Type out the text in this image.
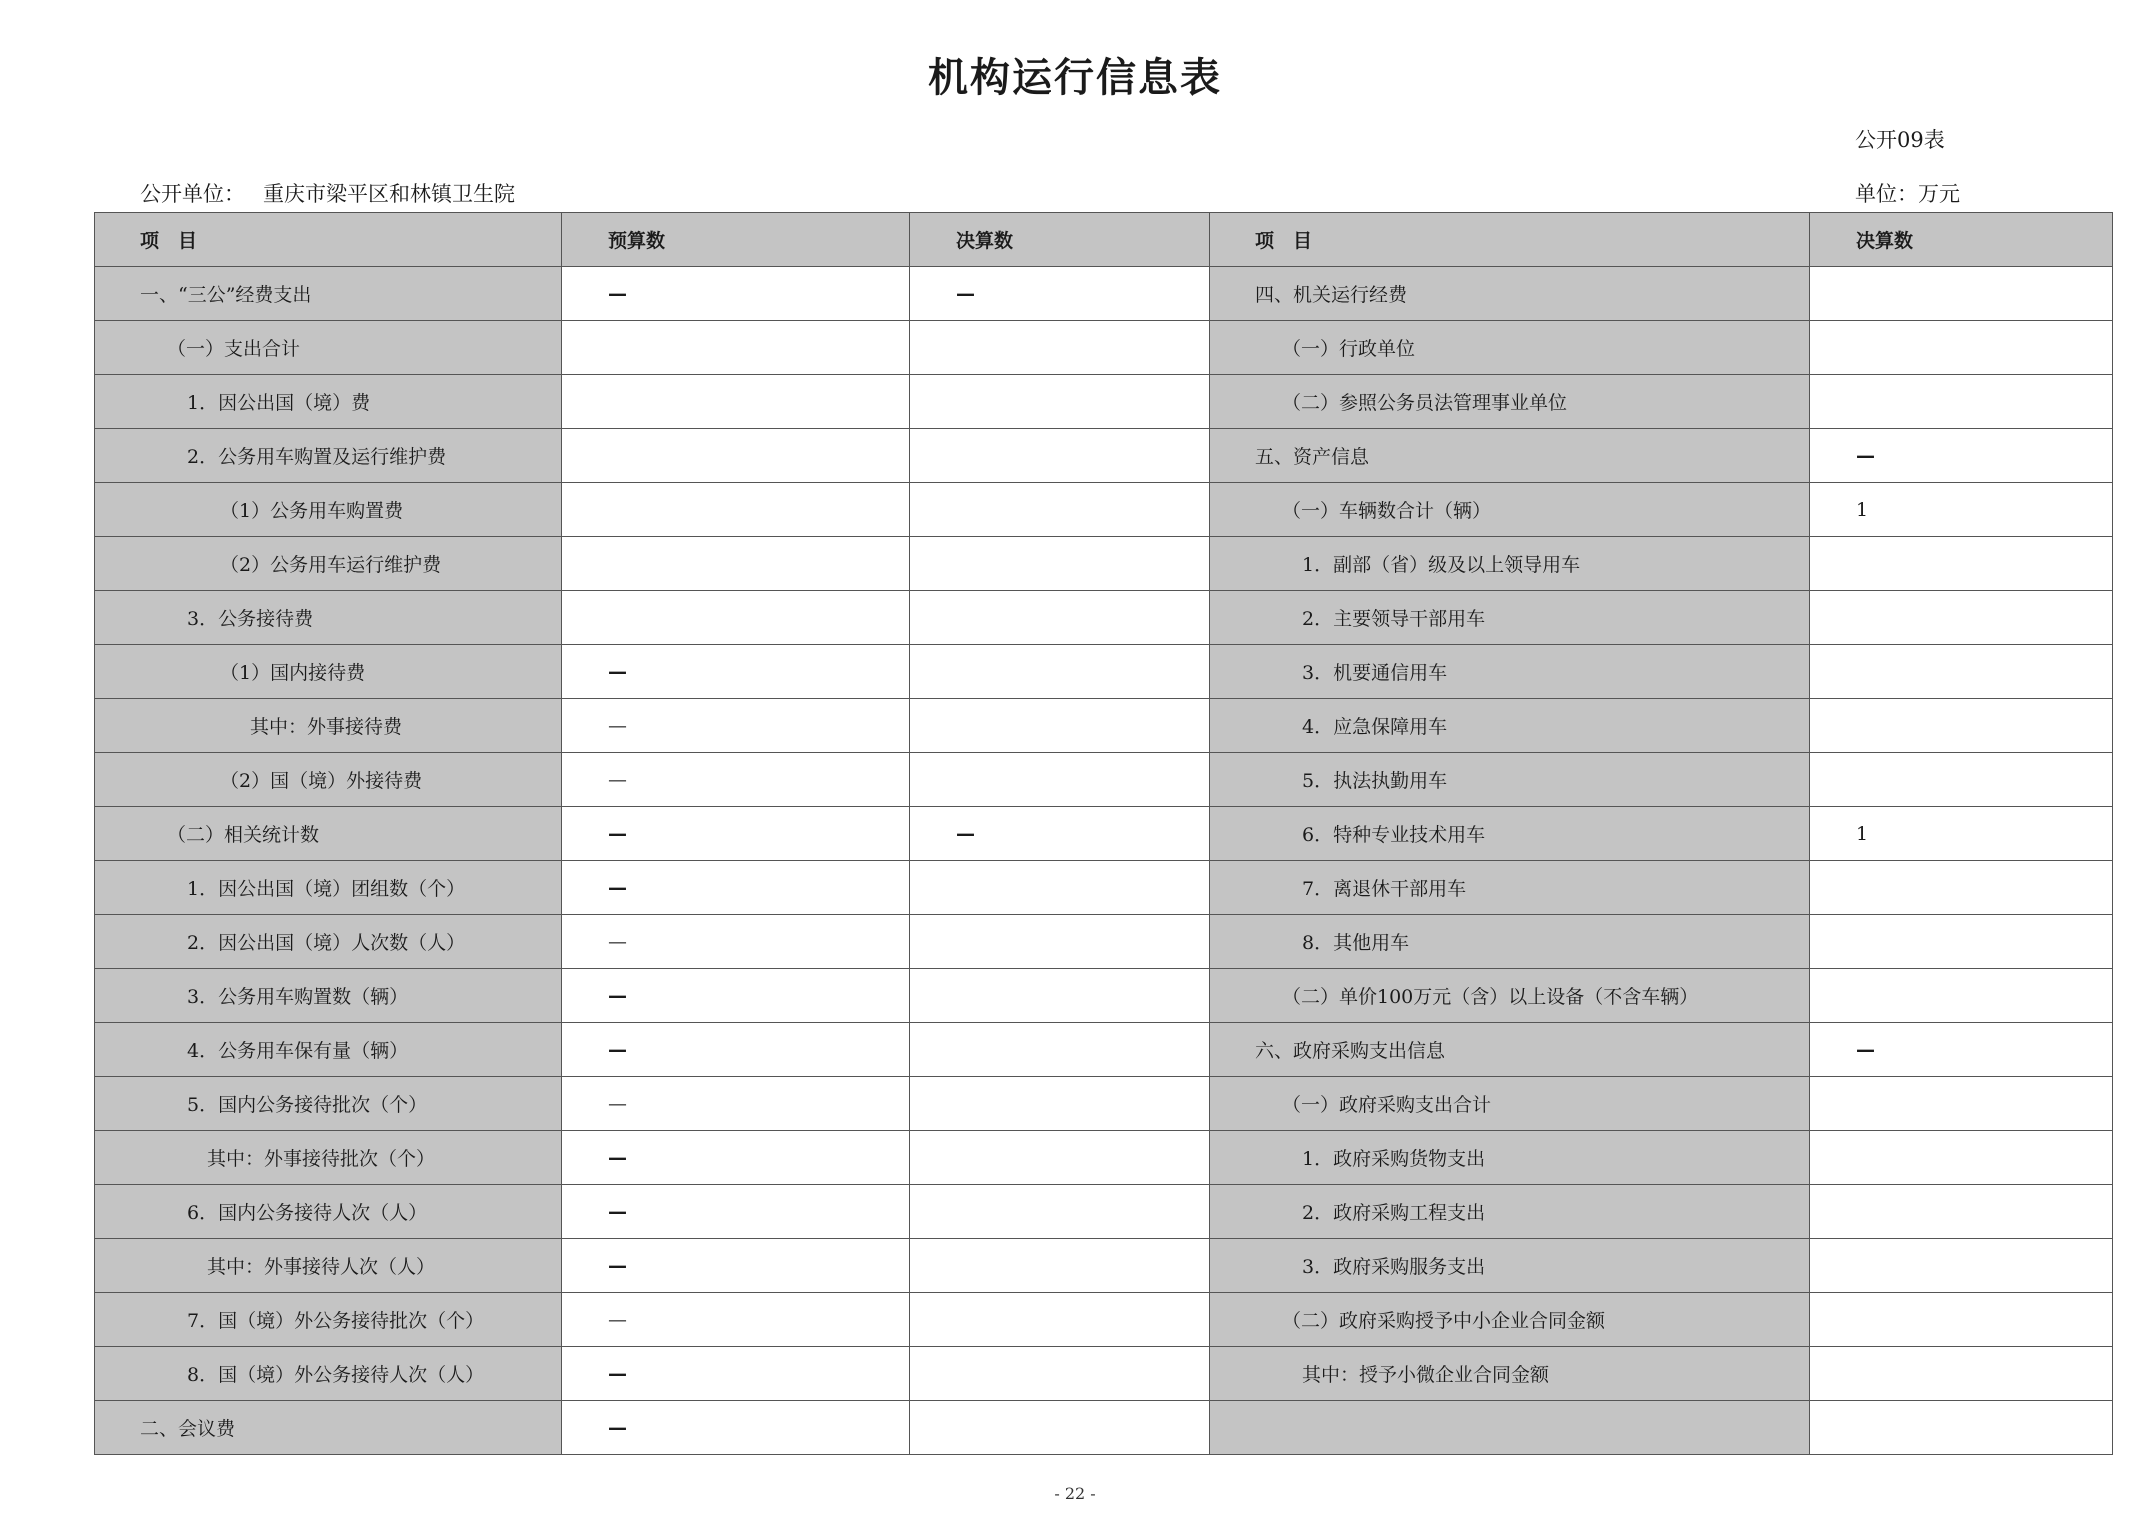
机构运行信息表
公开09表
公开单位： 重庆市梁平区和林镇卫生院	单位：万元
项　目	预算数	决算数	项　目	决算数
一、“三公”经费支出	—	—	四、机关运行经费	
（一）支出合计			（一）行政单位	
1．因公出国（境）费			（二）参照公务员法管理事业单位	
2．公务用车购置及运行维护费			五、资产信息	—
（1）公务用车购置费			（一）车辆数合计（辆）	1
（2）公务用车运行维护费			1．副部（省）级及以上领导用车	
3．公务接待费			2．主要领导干部用车	
（1）国内接待费	—		3．机要通信用车	
其中：外事接待费	—		4．应急保障用车	
（2）国（境）外接待费	—		5．执法执勤用车	
（二）相关统计数	—	—	6．特种专业技术用车	1
1．因公出国（境）团组数（个）	—		7．离退休干部用车	
2．因公出国（境）人次数（人）	—		8．其他用车	
3．公务用车购置数（辆）	—		（二）单价100万元（含）以上设备（不含车辆）	
4．公务用车保有量（辆）	—		六、政府采购支出信息	—
5．国内公务接待批次（个）	—		（一）政府采购支出合计	
其中：外事接待批次（个）	—		1．政府采购货物支出	
6．国内公务接待人次（人）	—		2．政府采购工程支出	
其中：外事接待人次（人）	—		3．政府采购服务支出	
7．国（境）外公务接待批次（个）	—		（二）政府采购授予中小企业合同金额	
8．国（境）外公务接待人次（人）	—		其中：授予小微企业合同金额	
二、会议费	—			
- 22 -
